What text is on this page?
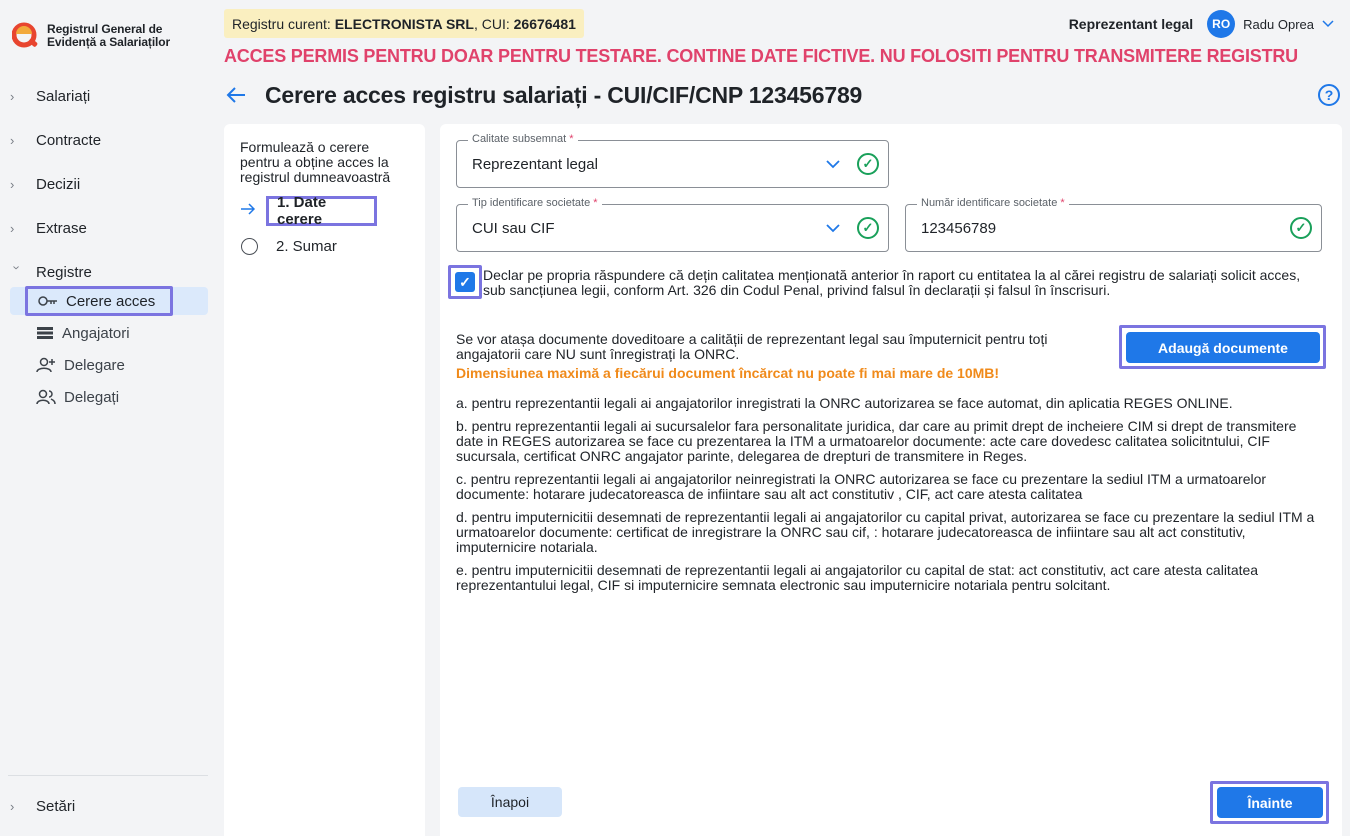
Registrul General de
Evidență a Salariaților
›	Salariați
›	Contracte
›	Decizii
›	Extrase
› Registre
Cerere acces
Angajatori
Delegare
Delegați
›	Setări
Registru curent: ELECTRONISTA SRL , CUI: 26676481	Reprezentant legal	RO	Radu Oprea
ACCES PERMIS PENTRU DOAR PENTRU TESTARE. CONTINE DATE FICTIVE. NU FOLOSITI PENTRU TRANSMITERE REGISTRU
Cerere acces registru salariați - CUI/CIF/CNP 123456789	?
Formulează o cerere pentru a obține acces la registrul dumneavoastră
1. Date cerere
2. Sumar
Calitate subsemnat *
Reprezentant legal	✓
Tip identificare societate *
CUI sau CIF	✓
Număr identificare societate *
123456789	✓
✓ Declar pe propria răspundere că dețin calitatea menționată anterior în raport cu entitatea la al cărei registru de salariați solicit acces, sub sancțiunea legii, conform Art. 326 din Codul Penal, privind falsul în declarații și falsul în înscrisuri.
Se vor atașa documente doveditoare a calității de reprezentant legal sau împuternicit pentru toți angajatorii care NU sunt înregistrați la ONRC.
Dimensiunea maximă a fiecărui document încărcat nu poate fi mai mare de 10MB!
Adaugă documente

a. pentru reprezentantii legali ai angajatorilor inregistrati la ONRC autorizarea se face automat, din aplicatia REGES ONLINE.

b. pentru reprezentantii legali ai sucursalelor fara personalitate juridica, dar care au primit drept de incheiere CIM si drept de transmitere date in REGES autorizarea se face cu prezentarea la ITM a urmatoarelor documente: acte care dovedesc calitatea solicitntului, CIF sucursala, certificat ONRC angajator parinte, delegarea de drepturi de transmitere in Reges.

c. pentru reprezentantii legali ai angajatorilor neinregistrati la ONRC autorizarea se face cu prezentare la sediul ITM a urmatoarelor documente: hotarare judecatoreasca de infiintare sau alt act constitutiv , CIF, act care atesta calitatea

d. pentru imputernicitii desemnati de reprezentantii legali ai angajatorilor cu capital privat, autorizarea se face cu prezentare la sediul ITM a urmatoarelor documente: certificat de inregistrare la ONRC sau cif, : hotarare judecatoreasca de infiintare sau alt act constitutiv, imputernicire notariala.

e. pentru imputernicitii desemnati de reprezentantii legali ai angajatorilor cu capital de stat: act constitutiv, act care atesta calitatea reprezentantului legal, CIF si imputernicire semnata electronic sau imputernicire notariala pentru solcitant.

Înapoi	Înainte
